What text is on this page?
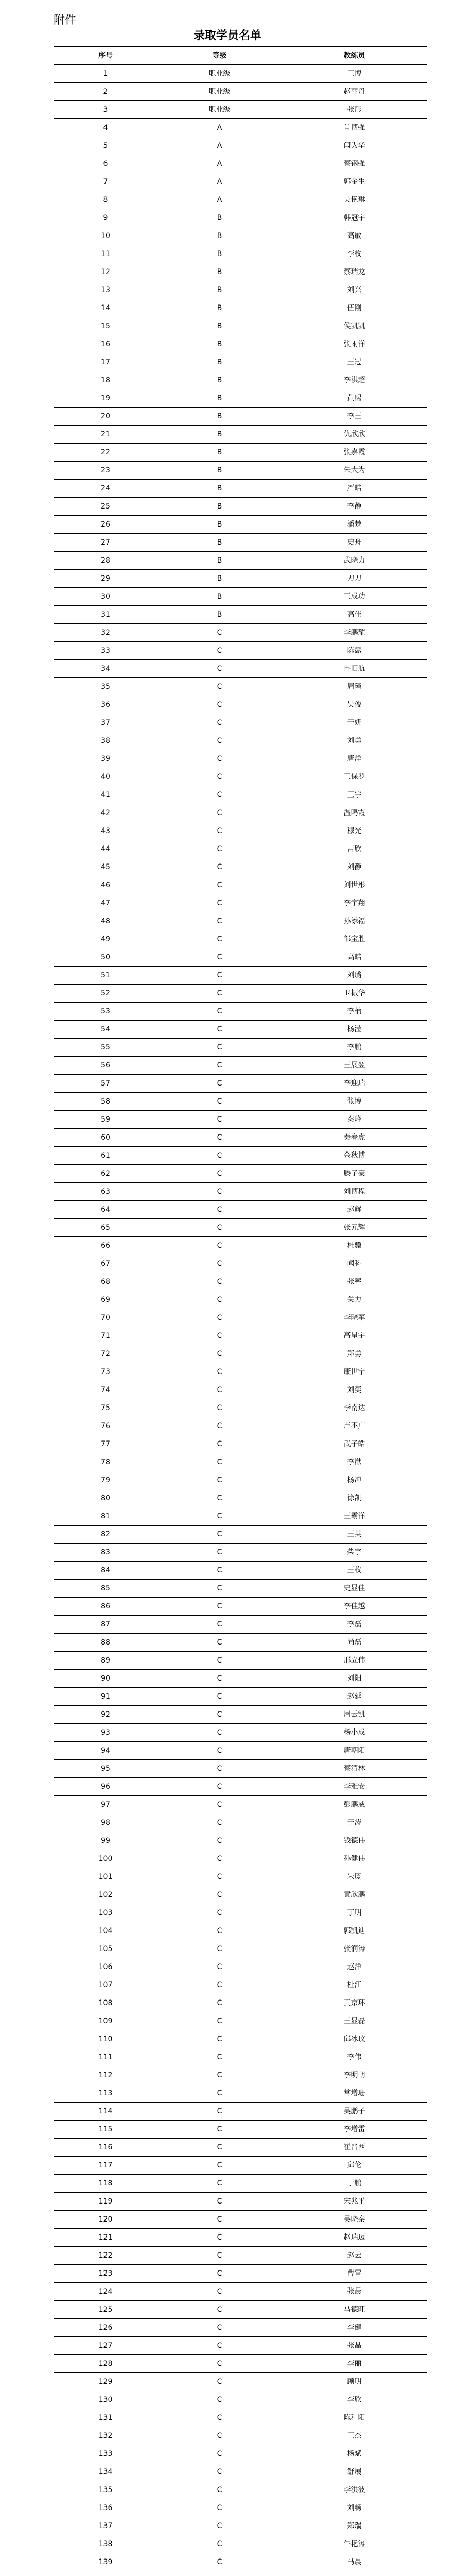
附件
录取学员名单
序号	等级	教练员
1	职业级	王博
2	职业级	赵丽丹
3	职业级	张彤
4	A	肖博强
5	A	闫为华
6	A	蔡钢强
7	A	郭金生
8	A	吴艳琳
9	B	韩冠宇
10	B	高敏
11	B	李枚
12	B	蔡瑞龙
13	B	刘兴
14	B	伍刚
15	B	侯凯凯
16	B	张雨洋
17	B	王冠
18	B	李洪超
19	B	黄赐
20	B	李王
21	B	仇欣欣
22	B	张嘉霞
23	B	朱大为
24	B	严皓
25	B	李静
26	B	潘楚
27	B	史舟
28	B	武晓力
29	B	刀刀
30	B	王成功
31	B	高佳
32	C	李鹏耀
33	C	陈露
34	C	冉旧航
35	C	周瑾
36	C	吴俊
37	C	于妍
38	C	刘勇
39	C	唐洋
40	C	王保罗
41	C	王宇
42	C	温鸣霞
43	C	穆光
44	C	吉欣
45	C	刘静
46	C	刘世彤
47	C	李宇翔
48	C	孙添福
49	C	邹宝胜
50	C	高皓
51	C	刘璐
52	C	卫振华
53	C	李楠
54	C	杨滢
55	C	李鹏
56	C	王展翌
57	C	李迎瑞
58	C	张博
59	C	秦峰
60	C	秦春虎
61	C	金秋博
62	C	滕子豪
63	C	刘博程
64	C	赵辉
65	C	张元辉
66	C	杜骥
67	C	闻科
68	C	张蓄
69	C	关力
70	C	李晓军
71	C	高星宇
72	C	郑勇
73	C	康世宁
74	C	刘奕
75	C	李南达
76	C	卢丕广
77	C	武子皓
78	C	李猷
79	C	杨冲
80	C	徐凯
81	C	王霸洋
82	C	王英
83	C	柴宇
84	C	王枚
85	C	史显佳
86	C	李佳越
87	C	李磊
88	C	尚磊
89	C	邢立伟
90	C	刘阳
91	C	赵延
92	C	周云凯
93	C	杨小成
94	C	唐朝阳
95	C	蔡清林
96	C	李雅安
97	C	彭鹏威
98	C	于涛
99	C	钱德伟
100	C	孙健伟
101	C	朱厦
102	C	黄欣鹏
103	C	丁明
104	C	郭凯迪
105	C	张润涛
106	C	赵洋
107	C	杜江
108	C	黄京环
109	C	王显磊
110	C	邱冰玟
111	C	李伟
112	C	李明朝
113	C	常增珊
114	C	吴鹏子
115	C	李增雷
116	C	崔晋西
117	C	邱伦
118	C	于鹏
119	C	宋兆平
120	C	吴晓秦
121	C	赵瑞迈
122	C	赵云
123	C	曹雷
124	C	张晨
125	C	马德旺
126	C	李健
127	C	张晶
128	C	李丽
129	C	顾明
130	C	李欣
131	C	陈和阳
132	C	王杰
133	C	杨斌
134	C	舒展
135	C	李洪波
136	C	刘畅
137	C	郑瑞
138	C	牛艳涛
139	C	马晨
